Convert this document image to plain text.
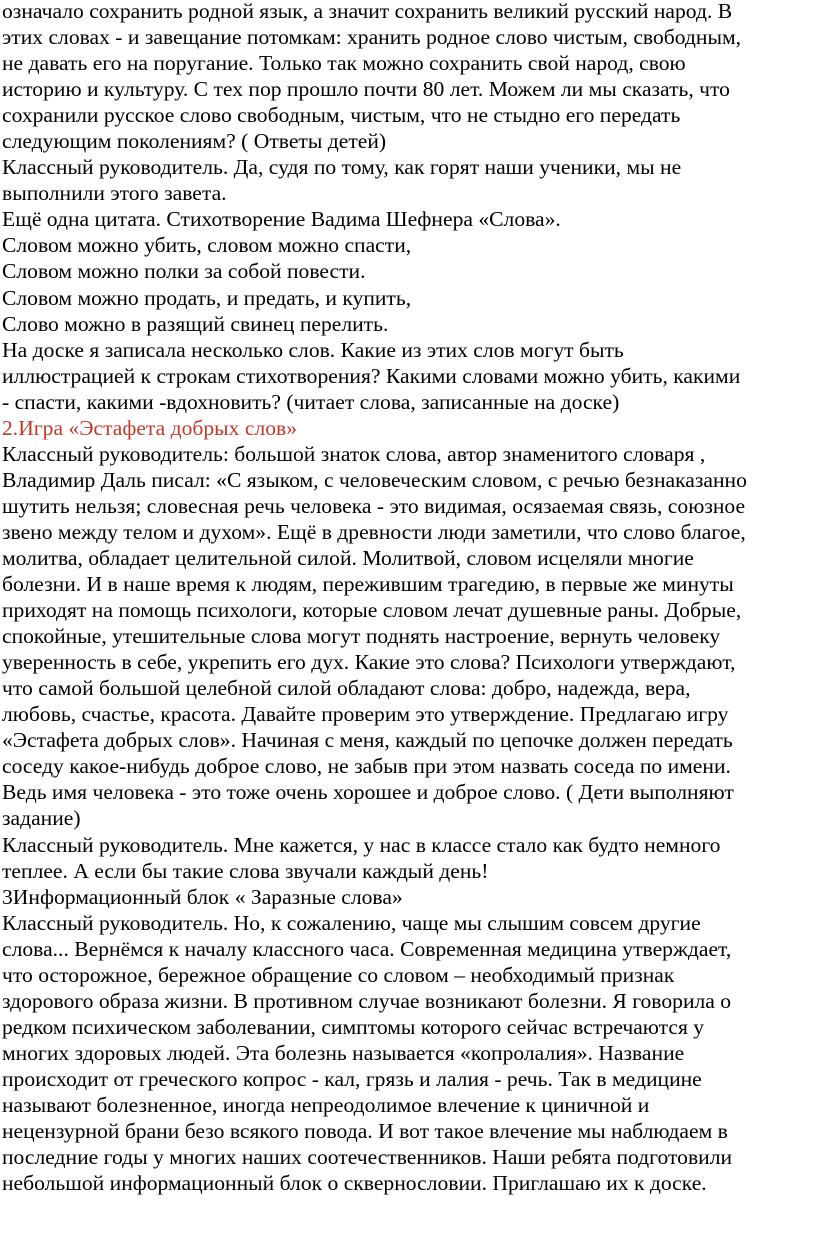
означало сохранить родной язык, а значит сохранить великий русский народ. В
этих словах - и завещание потомкам: хранить родное слово чистым, свободным,
не давать его на поругание. Только так можно сохранить свой народ, свою
историю и культуру. С тех пор прошло почти 80 лет. Можем ли мы сказать, что
сохранили русское слово свободным, чистым, что не стыдно его передать
следующим поколениям? ( Ответы детей)
Классный руководитель. Да, судя по тому, как горят наши ученики, мы не
выполнили этого завета.
Ещё одна цитата. Стихотворение Вадима Шефнера «Слова».
Словом можно убить, словом можно спасти,
Словом можно полки за собой повести.
Словом можно продать, и предать, и купить,
Слово можно в разящий свинец перелить.
На доске я записала несколько слов. Какие из этих слов могут быть
иллюстрацией к строкам стихотворения? Какими словами можно убить, какими
- спасти, какими -вдохновить? (читает слова, записанные на доске)
2.Игра «Эстафета добрых слов»
Классный руководитель: большой знаток слова, автор знаменитого словаря ,
Владимир Даль писал: «С языком, с человеческим словом, с речью безнаказанно
шутить нельзя; словесная речь человека - это видимая, осязаемая связь, союзное
звено между телом и духом». Ещё в древности люди заметили, что слово благое,
молитва, обладает целительной силой. Молитвой, словом исцеляли многие
болезни. И в наше время к людям, пережившим трагедию, в первые же минуты
приходят на помощь психологи, которые словом лечат душевные раны. Добрые,
спокойные, утешительные слова могут поднять настроение, вернуть человеку
уверенность в себе, укрепить его дух. Какие это слова? Психологи утверждают,
что самой большой целебной силой обладают слова: добро, надежда, вера,
любовь, счастье, красота. Давайте проверим это утверждение. Предлагаю игру
«Эстафета добрых слов». Начиная с меня, каждый по цепочке должен передать
соседу какое-нибудь доброе слово, не забыв при этом назвать соседа по имени.
Ведь имя человека - это тоже очень хорошее и доброе слово. ( Дети выполняют
задание)
Классный руководитель. Мне кажется, у нас в классе стало как будто немного
теплее. А если бы такие слова звучали каждый день!
3Информационный блок « Заразные слова»
Классный руководитель. Но, к сожалению, чаще мы слышим совсем другие
слова... Вернёмся к началу классного часа. Современная медицина утверждает,
что осторожное, бережное обращение со словом – необходимый признак
здорового образа жизни. В противном случае возникают болезни. Я говорила о
редком психическом заболевании, симптомы которого сейчас встречаются у
многих здоровых людей. Эта болезнь называется «копролалия». Название
происходит от греческого копрос - кал, грязь и лалия - речь. Так в медицине
называют болезненное, иногда непреодолимое влечение к циничной и
нецензурной брани безо всякого повода. И вот такое влечение мы наблюдаем в
последние годы у многих наших соотечественников. Наши ребята подготовили
небольшой информационный блок о сквернословии. Приглашаю их к доске.
